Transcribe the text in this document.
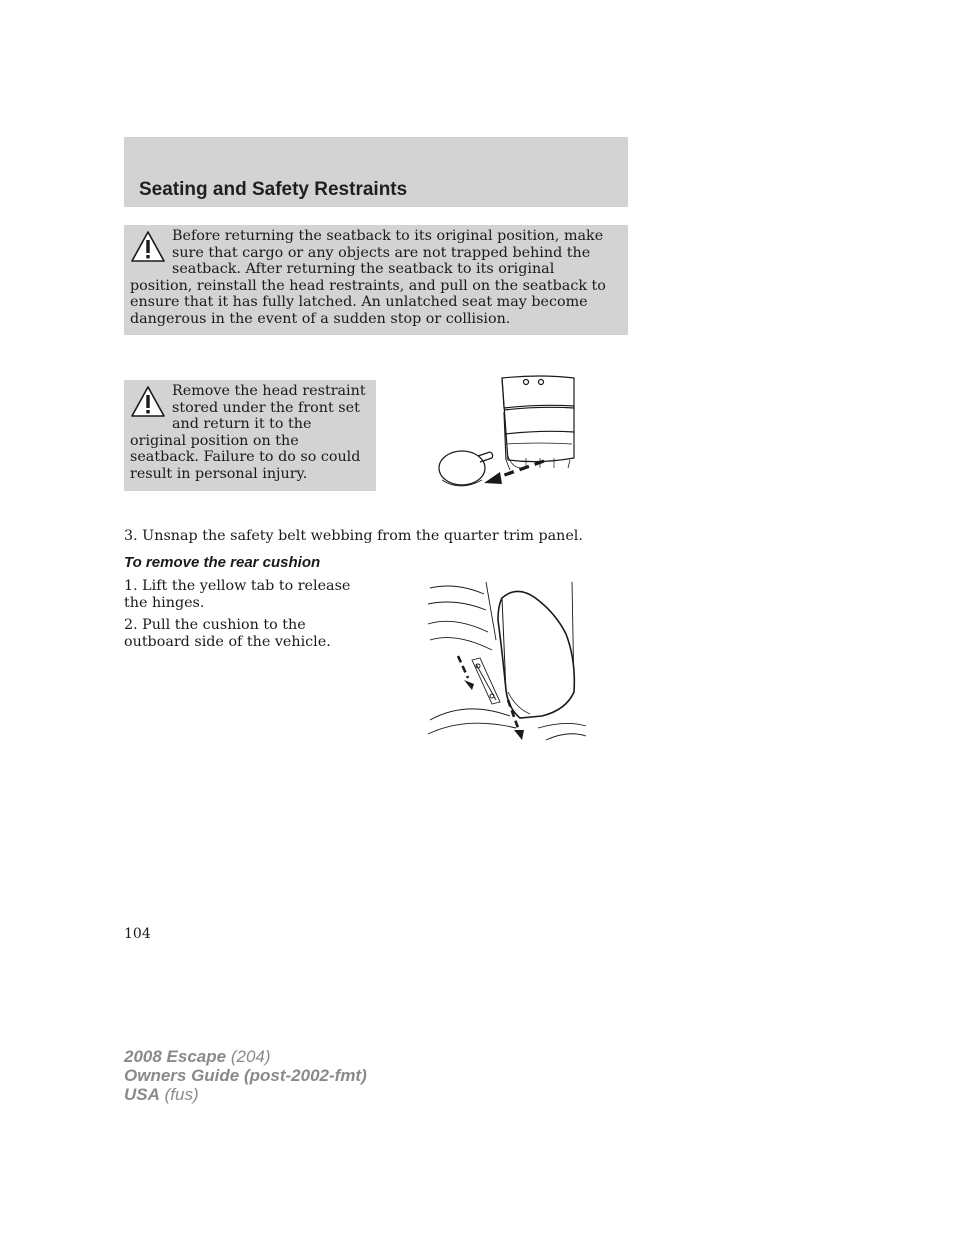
Seating and Safety Restraints

Before returning the seatback to its original position, make sure that cargo or any objects are not trapped behind the seatback. After returning the seatback to its original position, reinstall the head restraints, and pull on the seatback to ensure that it has fully latched. An unlatched seat may become dangerous in the event of a sudden stop or collision.

Remove the head restraint stored under the front set and return it to the original position on the seatback. Failure to do so could result in personal injury.

3. Unsnap the safety belt webbing from the quarter trim panel.

To remove the rear cushion

1. Lift the yellow tab to release the hinges.

2. Pull the cushion to the outboard side of the vehicle.

104

2008 Escape (204)
Owners Guide (post-2002-fmt)
USA (fus)
